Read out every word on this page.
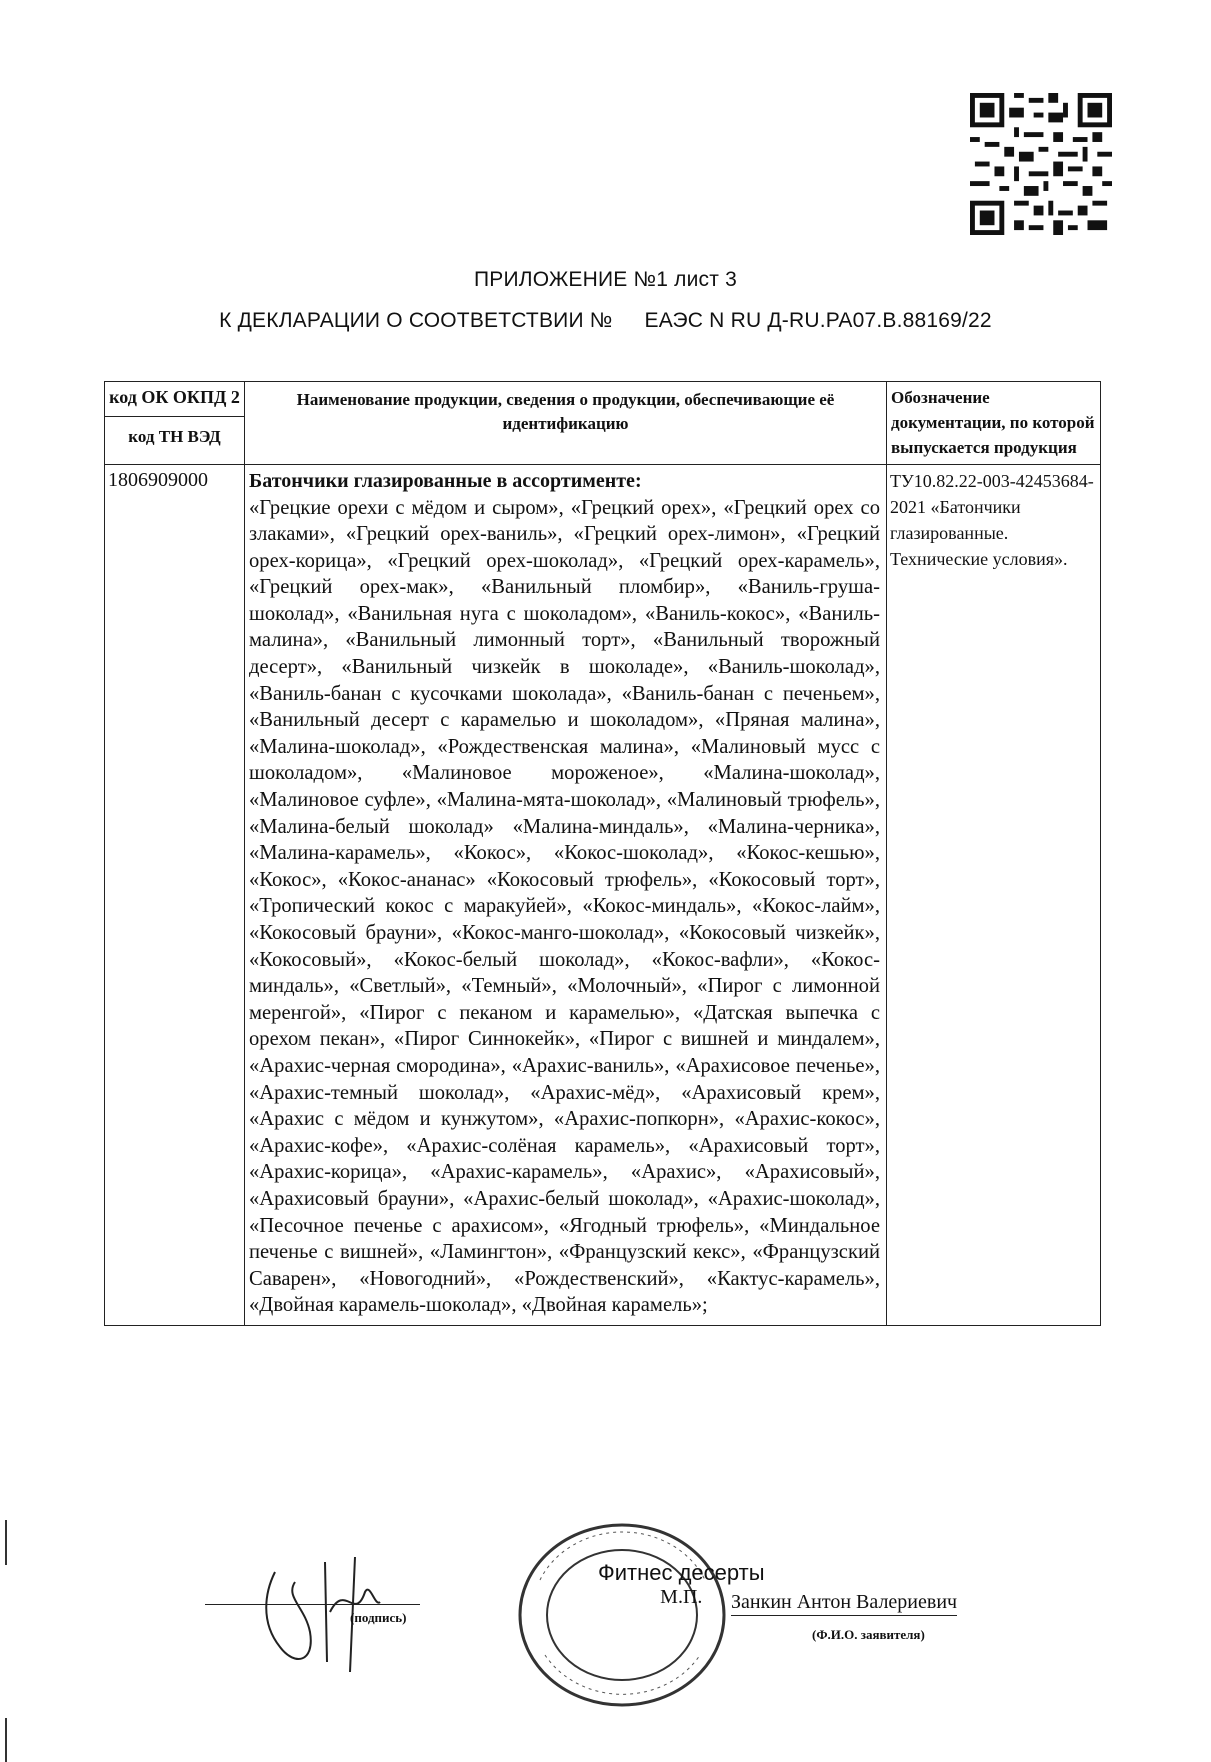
ПРИЛОЖЕНИЕ №1 лист 3
К ДЕКЛАРАЦИИ О СООТВЕТСТВИИ № ЕАЭС N RU Д-RU.PA07.B.88169/22
код ОК ОКПД 2
код ТН ВЭД	Наименование продукции, сведения о продукции, обеспечивающие её идентификацию	Обозначение документации, по которой выпускается продукция

1806909000	Батончики глазированные в ассортименте:
«Грецкие орехи с мёдом и сыром», «Грецкий орех», «Грецкий орех со злаками», «Грецкий орех-ваниль», «Грецкий орех-лимон», «Грецкий орех-корица», «Грецкий орех-шоколад», «Грецкий орех-карамель», «Грецкий орех-мак», «Ванильный пломбир», «Ваниль-груша-шоколад», «Ванильная нуга с шоколадом», «Ваниль-кокос», «Ваниль-малина», «Ванильный лимонный торт», «Ванильный творожный десерт», «Ванильный чизкейк в шоколаде», «Ваниль-шоколад», «Ваниль-банан с кусочками шоколада», «Ваниль-банан с печеньем», «Ванильный десерт с карамелью и шоколадом», «Пряная малина», «Малина-шоколад», «Рождественская малина», «Малиновый мусс с шоколадом», «Малиновое мороженое», «Малина-шоколад», «Малиновое суфле», «Малина-мята-шоколад», «Малиновый трюфель», «Малина-белый шоколад» «Малина-миндаль», «Малина-черника», «Малина-карамель», «Кокос», «Кокос-шоколад», «Кокос-кешью», «Кокос», «Кокос-ананас» «Кокосовый трюфель», «Кокосовый торт», «Тропический кокос с маракуйей», «Кокос-миндаль», «Кокос-лайм», «Кокосовый брауни», «Кокос-манго-шоколад», «Кокосовый чизкейк», «Кокосовый», «Кокос-белый шоколад», «Кокос-вафли», «Кокос-миндаль», «Светлый», «Темный», «Молочный», «Пирог с лимонной меренгой», «Пирог с пеканом и карамелью», «Датская выпечка с орехом пекан», «Пирог Синнокейк», «Пирог с вишней и миндалем», «Арахис-черная смородина», «Арахис-ваниль», «Арахисовое печенье», «Арахис-темный шоколад», «Арахис-мёд», «Арахисовый крем», «Арахис с мёдом и кунжутом», «Арахис-попкорн», «Арахис-кокос», «Арахис-кофе», «Арахис-солёная карамель», «Арахисовый торт», «Арахис-корица», «Арахис-карамель», «Арахис», «Арахисовый», «Арахисовый брауни», «Арахис-белый шоколад», «Арахис-шоколад», «Песочное печенье с арахисом», «Ягодный трюфель», «Миндальное печенье с вишней», «Ламингтон», «Французский кекс», «Французский Саварен», «Новогодний», «Рождественский», «Кактус-карамель», «Двойная карамель-шоколад», «Двойная карамель»;	ТУ10.82.22-003-42453684-2021 «Батончики глазированные. Технические условия».
(подпись)
Фитнес десерты
М.П.	Занкин Антон Валериевич
(Ф.И.О. заявителя)
